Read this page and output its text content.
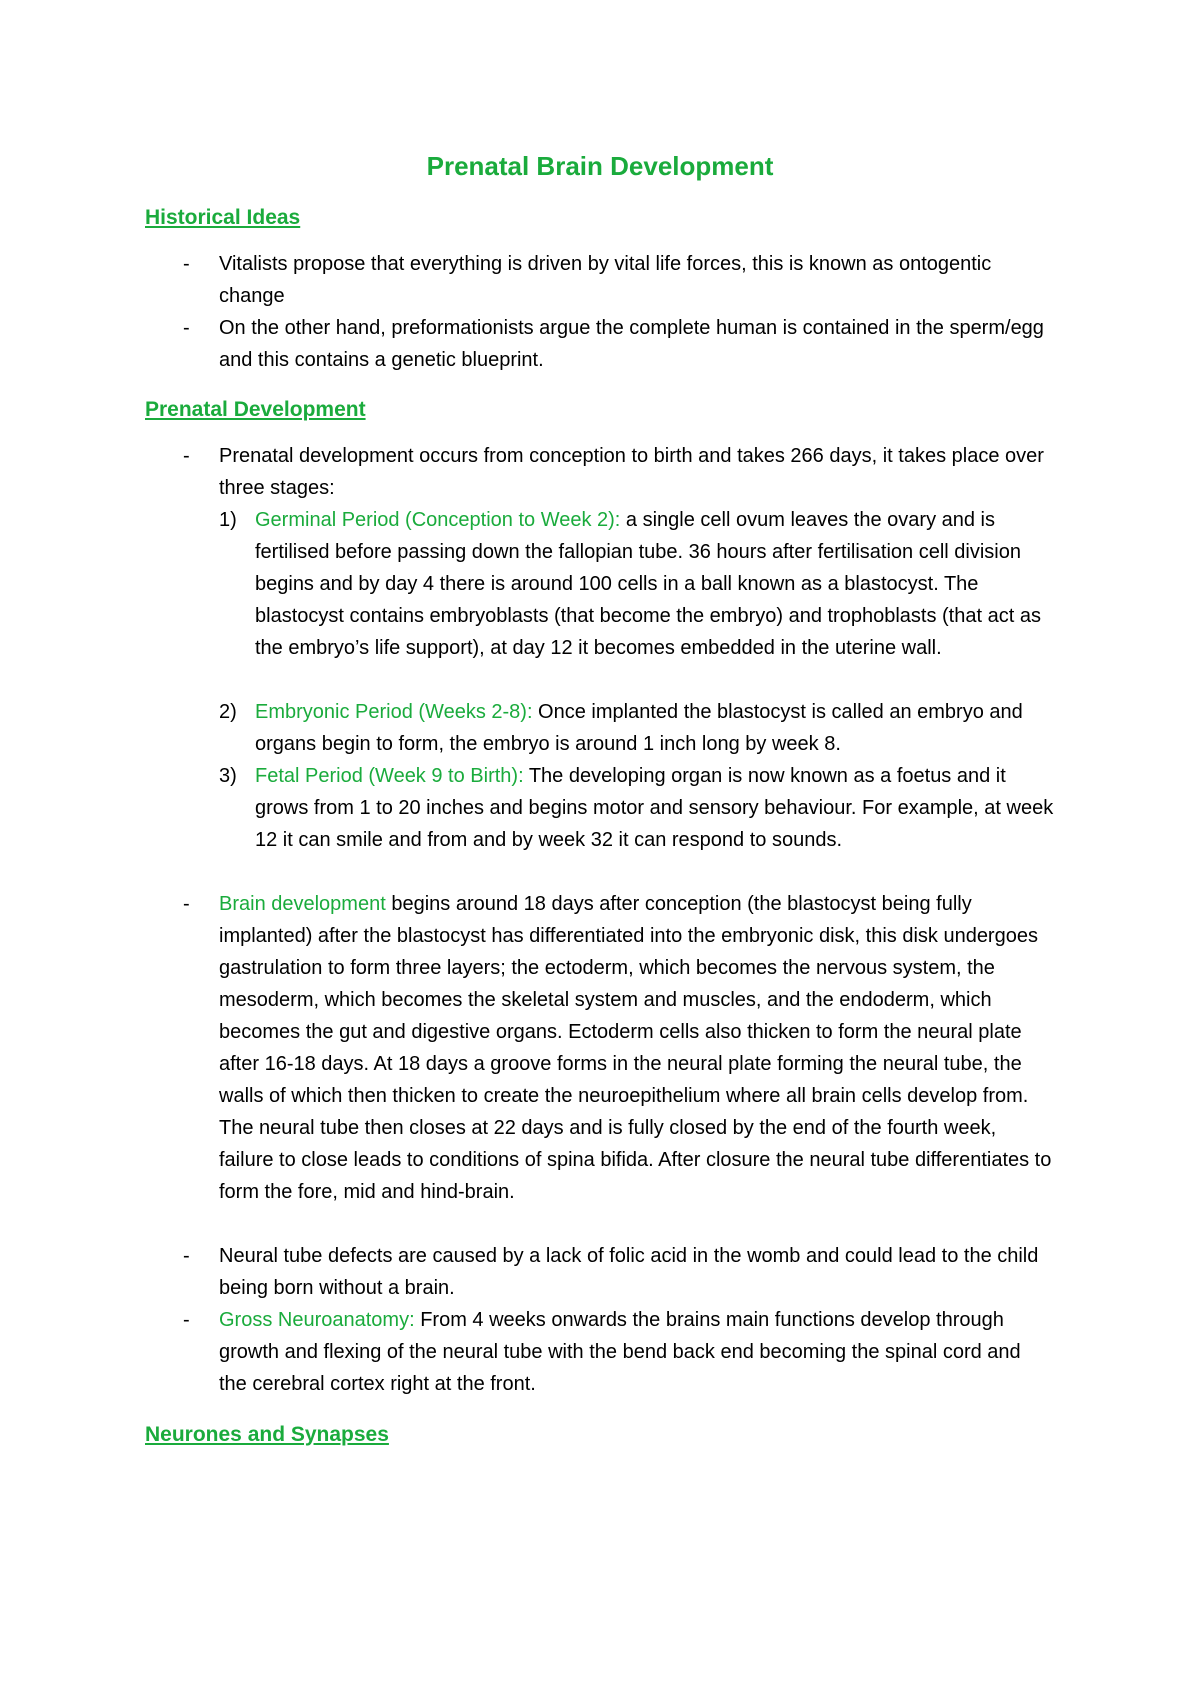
Prenatal Brain Development
Historical Ideas
-	Vitalists propose that everything is driven by vital life forces, this is known as ontogentic change
-	On the other hand, preformationists argue the complete human is contained in the sperm/egg and this contains a genetic blueprint.
Prenatal Development
-	Prenatal development occurs from conception to birth and takes 266 days, it takes place over three stages:
1) Germinal Period (Conception to Week 2): a single cell ovum leaves the ovary and is fertilised before passing down the fallopian tube. 36 hours after fertilisation cell division begins and by day 4 there is around 100 cells in a ball known as a blastocyst. The blastocyst contains embryoblasts (that become the embryo) and trophoblasts (that act as the embryo’s life support), at day 12 it becomes embedded in the uterine wall.
2) Embryonic Period (Weeks 2-8): Once implanted the blastocyst is called an embryo and organs begin to form, the embryo is around 1 inch long by week 8.
3) Fetal Period (Week 9 to Birth): The developing organ is now known as a foetus and it grows from 1 to 20 inches and begins motor and sensory behaviour. For example, at week 12 it can smile and from and by week 32 it can respond to sounds.
-	Brain development begins around 18 days after conception (the blastocyst being fully implanted) after the blastocyst has differentiated into the embryonic disk, this disk undergoes gastrulation to form three layers; the ectoderm, which becomes the nervous system, the mesoderm, which becomes the skeletal system and muscles, and the endoderm, which becomes the gut and digestive organs. Ectoderm cells also thicken to form the neural plate after 16-18 days. At 18 days a groove forms in the neural plate forming the neural tube, the walls of which then thicken to create the neuroepithelium where all brain cells develop from. The neural tube then closes at 22 days and is fully closed by the end of the fourth week, failure to close leads to conditions of spina bifida. After closure the neural tube differentiates to form the fore, mid and hind-brain.
-	Neural tube defects are caused by a lack of folic acid in the womb and could lead to the child being born without a brain.
-	Gross Neuroanatomy: From 4 weeks onwards the brains main functions develop through growth and flexing of the neural tube with the bend back end becoming the spinal cord and the cerebral cortex right at the front.
Neurones and Synapses
